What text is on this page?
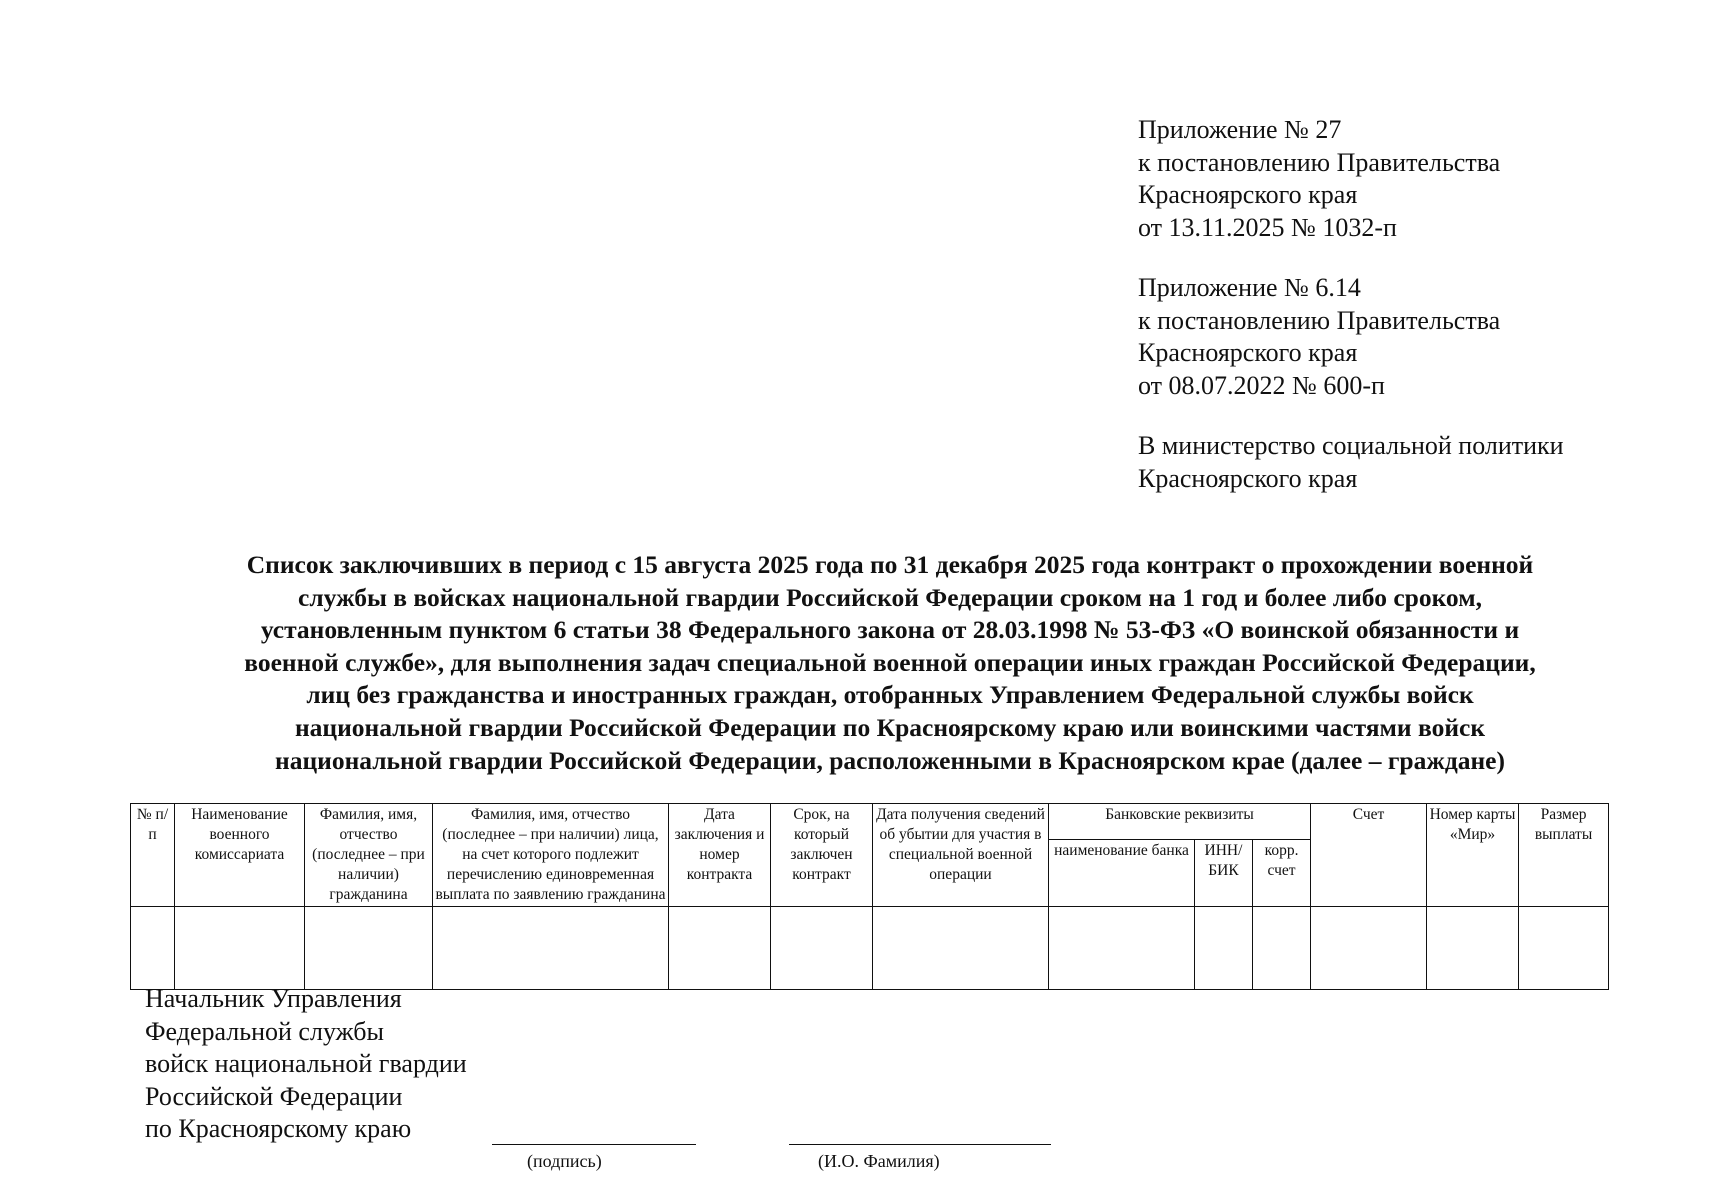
Приложение № 27
к постановлению Правительства
Красноярского края
от 13.11.2025 № 1032-п
Приложение № 6.14
к постановлению Правительства
Красноярского края
от 08.07.2022 № 600-п
В министерство социальной политики
Красноярского края
Список заключивших в период с 15 августа 2025 года по 31 декабря 2025 года контракт о прохождении военной
службы в войсках национальной гвардии Российской Федерации сроком на 1 год и более либо сроком,
установленным пунктом 6 статьи 38 Федерального закона от 28.03.1998 № 53-ФЗ «О воинской обязанности и
военной службе», для выполнения задач специальной военной операции иных граждан Российской Федерации,
лиц без гражданства и иностранных граждан, отобранных Управлением Федеральной службы войск
национальной гвардии Российской Федерации по Красноярскому краю или воинскими частями войск
национальной гвардии Российской Федерации, расположенными в Красноярском крае (далее – граждане)
№ п/п	Наименование военного комиссариата	Фамилия, имя, отчество (последнее – при наличии) гражданина	Фамилия, имя, отчество (последнее – при наличии) лица, на счет которого подлежит перечислению единовременная выплата по заявлению гражданина	Дата заключения и номер контракта	Срок, на который заключен контракт	Дата получения сведений об убытии для участия в специальной военной операции	Банковские реквизиты			Счет	Номер карты «Мир»	Размер выплаты
							наименование банка	ИНН/ БИК	корр. счет			

Начальник Управления
Федеральной службы
войск национальной гвардии
Российской Федерации
по Красноярскому краю
(подпись)	(И.О. Фамилия)
